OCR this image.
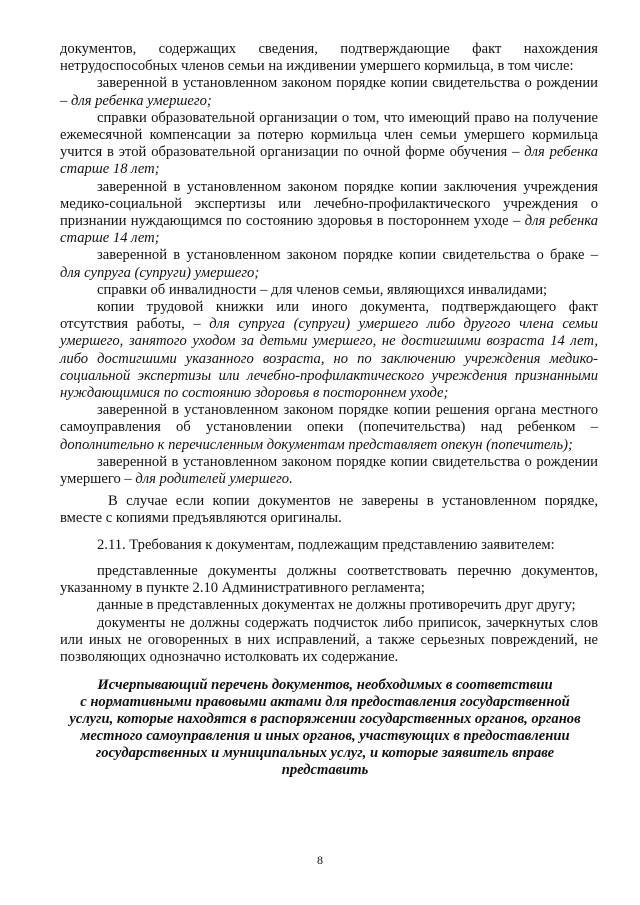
документов, содержащих сведения, подтверждающие факт нахождения нетрудоспособных членов семьи на иждивении умершего кормильца, в том числе:

заверенной в установленном законом порядке копии свидетельства о рождении – для ребенка умершего;

справки образовательной организации о том, что имеющий право на получение ежемесячной компенсации за потерю кормильца член семьи умершего кормильца учится в этой образовательной организации по очной форме обучения – для ребенка старше 18 лет;

заверенной в установленном законом порядке копии заключения учреждения медико-социальной экспертизы или лечебно-профилактического учреждения о признании нуждающимся по состоянию здоровья в постороннем уходе – для ребенка старше 14 лет;

заверенной в установленном законом порядке копии свидетельства о браке – для супруга (супруги) умершего;

справки об инвалидности – для членов семьи, являющихся инвалидами;

копии трудовой книжки или иного документа, подтверждающего факт отсутствия работы, – для супруга (супруги) умершего либо другого члена семьи умершего, занятого уходом за детьми умершего, не достигшими возраста 14 лет, либо достигшими указанного возраста, но по заключению учреждения медико-социальной экспертизы или лечебно-профилактического учреждения признанными нуждающимися по состоянию здоровья в постороннем уходе;

заверенной в установленном законом порядке копии решения органа местного самоуправления об установлении опеки (попечительства) над ребенком – дополнительно к перечисленным документам представляет опекун (попечитель);

заверенной в установленном законом порядке копии свидетельства о рождении умершего – для родителей умершего.

В случае если копии документов не заверены в установленном порядке, вместе с копиями предъявляются оригиналы.

2.11. Требования к документам, подлежащим представлению заявителем:

представленные документы должны соответствовать перечню документов, указанному в пункте 2.10 Административного регламента;

данные в представленных документах не должны противоречить друг другу;

документы не должны содержать подчисток либо приписок, зачеркнутых слов или иных не оговоренных в них исправлений, а также серьезных повреждений, не позволяющих однозначно истолковать их содержание.

Исчерпывающий перечень документов, необходимых в соответствии
с нормативными правовыми актами для предоставления государственной
услуги, которые находятся в распоряжении государственных органов, органов
местного самоуправления и иных органов, участвующих в предоставлении
государственных и муниципальных услуг, и которые заявитель вправе
представить
8
